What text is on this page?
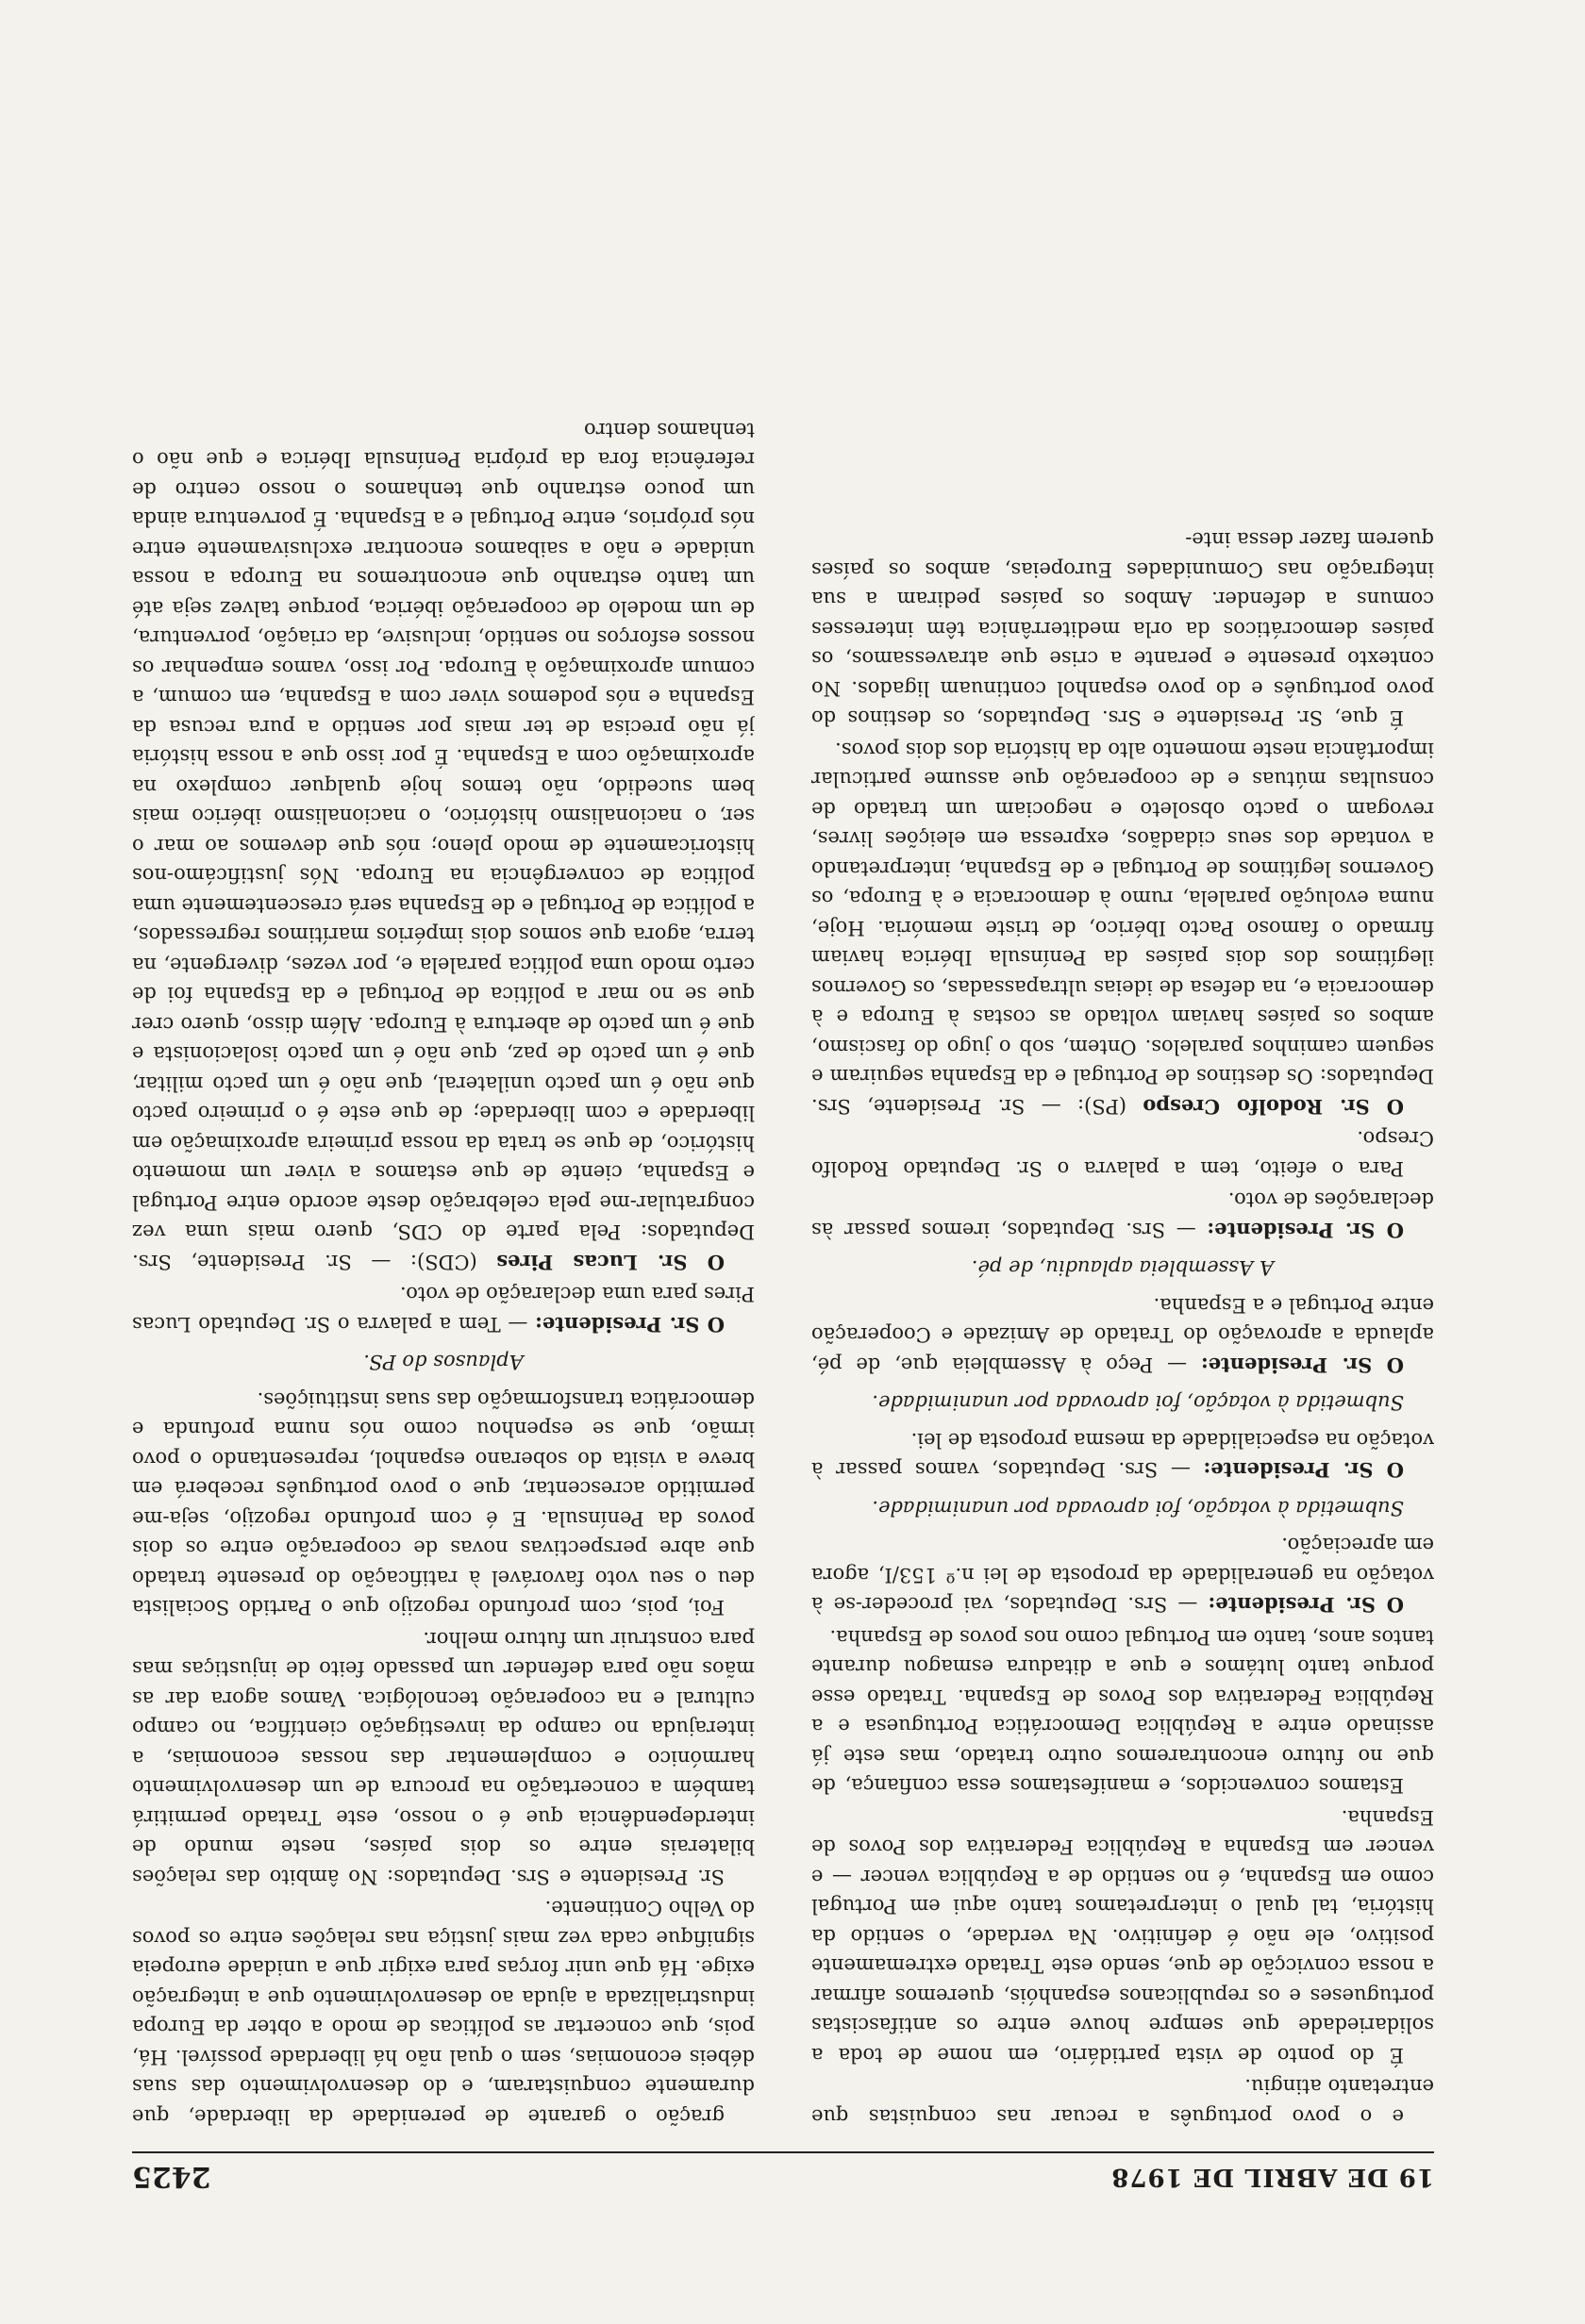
19 DE ABRIL DE 1978
2425

e o povo português a recuar nas conquistas que entretanto atingiu.

É do ponto de vista partidário, em nome de toda a solidariedade que sempre houve entre os antifascistas portugueses e os republicanos espanhóis, queremos afirmar a nossa convicção de que, sendo este Tratado extremamente positivo, ele não é definitivo. Na verdade, o sentido da história, tal qual o interpretamos tanto aqui em Portugal como em Espanha, é no sentido de a República vencer — e vencer em Espanha a República Federativa dos Povos de Espanha.

Estamos convencidos, e manifestamos essa confiança, de que no futuro encontraremos outro tratado, mas este já assinado entre a República Democrática Portuguesa e a República Federativa dos Povos de Espanha. Tratado esse porque tanto lutámos e que a ditadura esmagou durante tantos anos, tanto em Portugal como nos povos de Espanha.

O Sr. Presidente: — Srs. Deputados, vai proceder-se à votação na generalidade da proposta de lei n.º 153/I, agora em apreciação.

Submetida à votação, foi aprovada por unanimidade.

O Sr. Presidente: — Srs. Deputados, vamos passar à votação na especialidade da mesma proposta de lei.

Submetida à votação, foi aprovada por unanimidade.

O Sr. Presidente: — Peço à Assembleia que, de pé, aplauda a aprovação do Tratado de Amizade e Cooperação entre Portugal e a Espanha.

A Assembleia aplaudiu, de pé.

O Sr. Presidente: — Srs. Deputados, iremos passar às declarações de voto.

Para o efeito, tem a palavra o Sr. Deputado Rodolfo Crespo.

O Sr. Rodolfo Crespo (PS): — Sr. Presidente, Srs. Deputados: Os destinos de Portugal e da Espanha seguiram e seguem caminhos paralelos. Ontem, sob o jugo do fascismo, ambos os países haviam voltado as costas à Europa e à democracia e, na defesa de ideias ultrapassadas, os Governos ilegítimos dos dois países da Península Ibérica haviam firmado o famoso Pacto Ibérico, de triste memória. Hoje, numa evolução paralela, rumo à democracia e à Europa, os Governos legítimos de Portugal e de Espanha, interpretando a vontade dos seus cidadãos, expressa em eleições livres, revogam o pacto obsoleto e negociam um tratado de consultas mútuas e de cooperação que assume particular importância neste momento alto da história dos dois povos.

É que, Sr. Presidente e Srs. Deputados, os destinos do povo português e do povo espanhol continuam ligados. No contexto presente e perante a crise que atravessamos, os países democráticos da orla mediterrânica têm interesses comuns a defender. Ambos os países pediram a sua integração nas Comunidades Europeias, ambos os países querem fazer dessa inte-

gração o garante de perenidade da liberdade, que duramente conquistaram, e do desenvolvimento das suas débeis economias, sem o qual não há liberdade possível. Há, pois, que concertar as políticas de modo a obter da Europa industrializada a ajuda ao desenvolvimento que a integração exige. Há que unir forças para exigir que a unidade europeia signifique cada vez mais justiça nas relações entre os povos do Velho Continente.

Sr. Presidente e Srs. Deputados: No âmbito das relações bilaterais entre os dois países, neste mundo de interdependência que é o nosso, este Tratado permitirá também a concertação na procura de um desenvolvimento harmónico e complementar das nossas economias, a interajuda no campo da investigação científica, no campo cultural e na cooperação tecnológica. Vamos agora dar as mãos não para defender um passado feito de injustiças mas para construir um futuro melhor.

Foi, pois, com profundo regozijo que o Partido Socialista deu o seu voto favorável à ratificação do presente tratado que abre perspectivas novas de cooperação entre os dois povos da Península. E é com profundo regozijo, seja-me permitido acrescentar, que o povo português receberá em breve a visita do soberano espanhol, representando o povo irmão, que se espenhou como nós numa profunda e democrática transformação das suas instituições.

Aplausos do PS.

O Sr. Presidente: — Tem a palavra o Sr. Deputado Lucas Pires para uma declaração de voto.

O Sr. Lucas Pires (CDS): — Sr. Presidente, Srs. Deputados: Pela parte do CDS, quero mais uma vez congratular-me pela celebração deste acordo entre Portugal e Espanha, ciente de que estamos a viver um momento histórico, de que se trata da nossa primeira aproximação em liberdade e com liberdade; de que este é o primeiro pacto que não é um pacto unilateral, que não é um pacto militar, que é um pacto de paz, que não é um pacto isolacionista e que é um pacto de abertura à Europa. Além disso, quero crer que se no mar a política de Portugal e da Espanha foi de certo modo uma política paralela e, por vezes, divergente, na terra, agora que somos dois impérios marítimos regressados, a política de Portugal e de Espanha será crescentemente uma política de convergência na Europa. Nós justificámo-nos historicamente de modo pleno; nós que devemos ao mar o ser, o nacionalismo histórico, o nacionalismo ibérico mais bem sucedido, não temos hoje qualquer complexo na aproximação com a Espanha. É por isso que a nossa história já não precisa de ter mais por sentido a pura recusa da Espanha e nós podemos viver com a Espanha, em comum, a comum aproximação à Europa. Por isso, vamos empenhar os nossos esforços no sentido, inclusive, da criação, porventura, de um modelo de cooperação ibérica, porque talvez seja até um tanto estranho que encontremos na Europa a nossa unidade e não a saibamos encontrar exclusivamente entre nós próprios, entre Portugal e a Espanha. É porventura ainda um pouco estranho que tenhamos o nosso centro de referência fora da própria Península Ibérica e que não o tenhamos dentro
